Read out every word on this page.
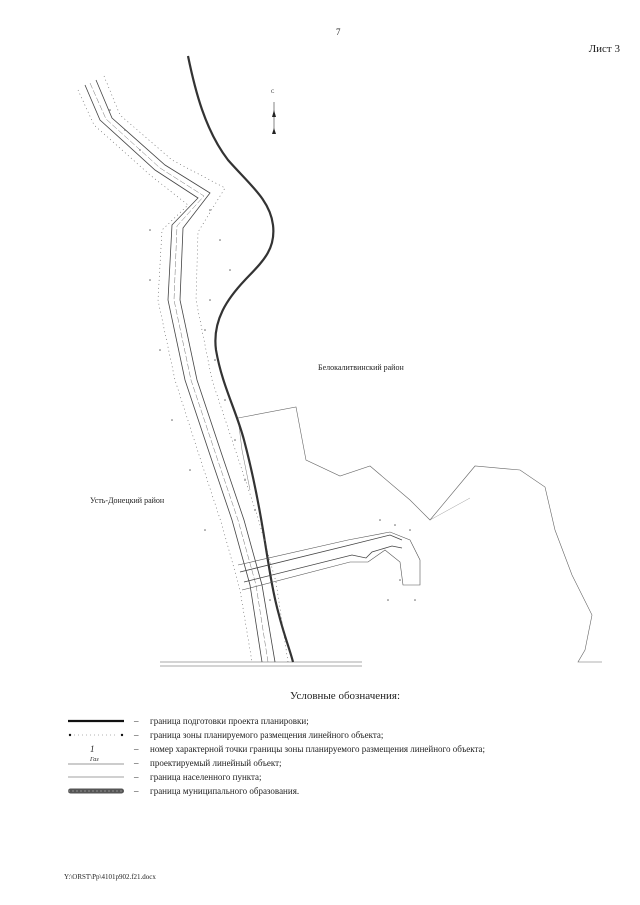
7
Лист 3
Белокалитвинский район
Усть-Донецкий район
С
Условные обозначения:
– граница подготовки проекта планировки;
– граница зоны планируемого размещения линейного объекта;
1	– номер характерной точки границы зоны планируемого размещения линейного объекта;
Газ	– проектируемый линейный объект;
– граница населенного пункта;
– граница муниципального образования.
Y:\ORST\Pp\4101p902.f21.docx
